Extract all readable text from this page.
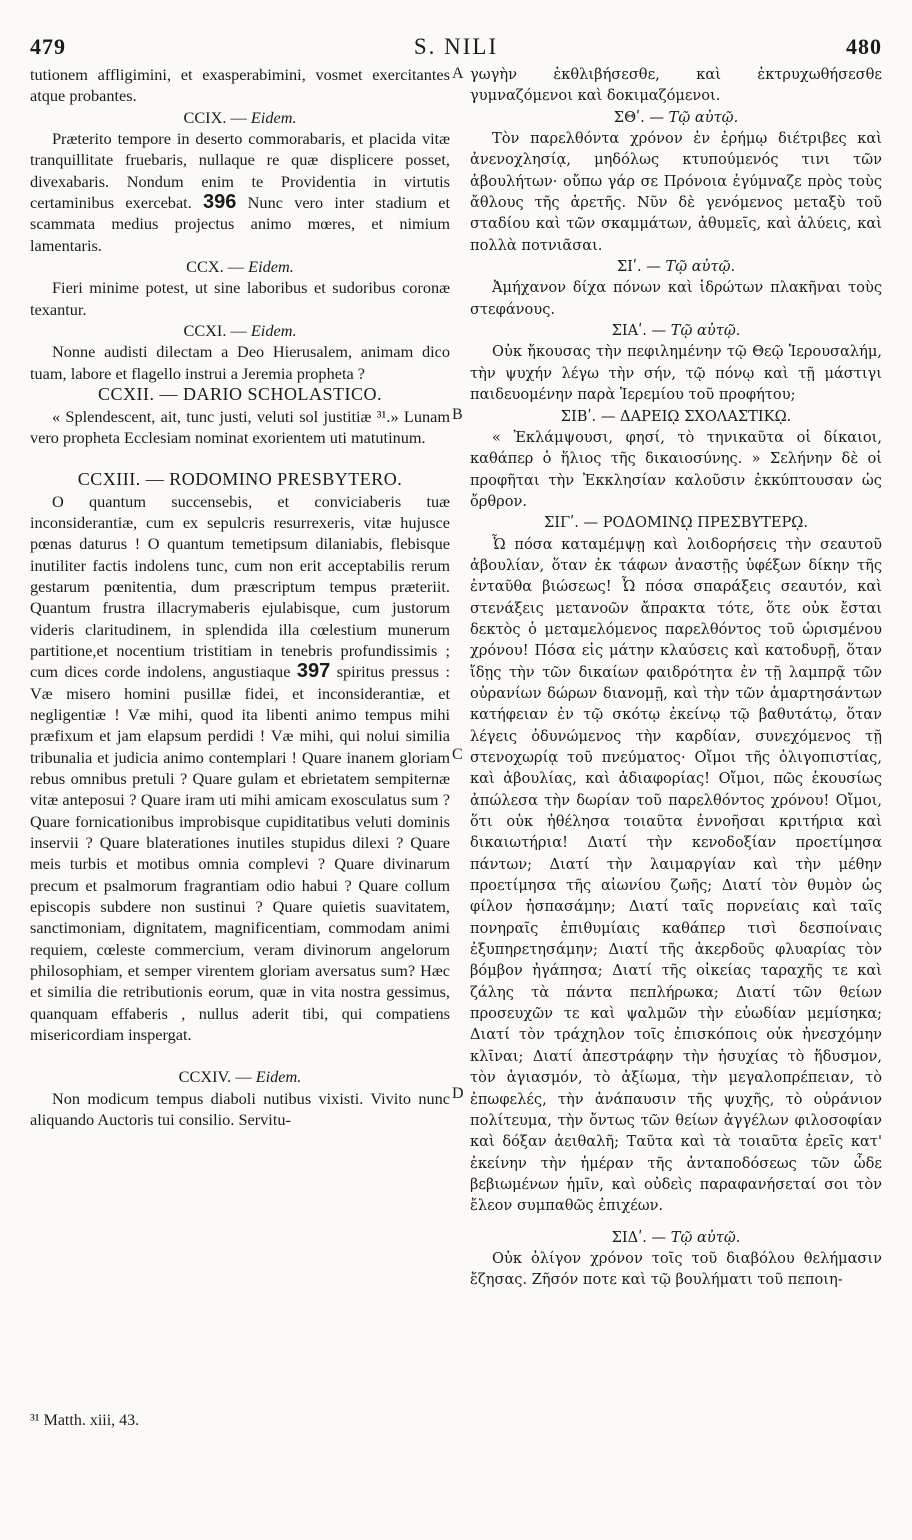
479	S. NILI	480
A
B
C
D

tutionem affligimini, et exasperabimini, vosmet exercitantes atque probantes.

CCIX. — Eidem.

Præterito tempore in deserto commorabaris, et placida vitæ tranquillitate fruebaris, nullaque re quæ displicere posset, divexabaris. Nondum enim te Providentia in virtutis certaminibus exercebat. 396 Nunc vero inter stadium et scammata medius projectus animo mœres, et nimium lamentaris.

CCX. — Eidem.

Fieri minime potest, ut sine laboribus et sudoribus coronæ texantur.

CCXI. — Eidem.

Nonne audisti dilectam a Deo Hierusalem, animam dico tuam, labore et flagello instrui a Jeremia propheta ?

CCXII. — DARIO SCHOLASTICO.

« Splendescent, ait, tunc justi, veluti sol justitiæ ³¹.» Lunam vero propheta Ecclesiam nominat exorientem uti matutinum.

CCXIII. — RODOMINO PRESBYTERO.

O quantum succensebis, et conviciaberis tuæ inconsiderantiæ, cum ex sepulcris resurrexeris, vitæ hujusce pœnas daturus ! O quantum temetipsum dilaniabis, flebisque inutiliter factis indolens tunc, cum non erit acceptabilis rerum gestarum pœnitentia, dum præscriptum tempus præteriit. Quantum frustra illacrymaberis ejulabisque, cum justorum videris claritudinem, in splendida illa cœlestium munerum partitione,et nocentium tristitiam in tenebris profundissimis ; cum dices corde indolens, angustiaque 397 spiritus pressus : Væ misero homini pusillæ fidei, et inconsiderantiæ, et negligentiæ ! Væ mihi, quod ita libenti animo tempus mihi præfixum et jam elapsum perdidi ! Væ mihi, qui nolui similia tribunalia et judicia animo contemplari ! Quare inanem gloriam rebus omnibus pretuli ? Quare gulam et ebrietatem sempiternæ vitæ anteposui ? Quare iram uti mihi amicam exosculatus sum ? Quare fornicationibus improbisque cupiditatibus veluti dominis inservii ? Quare blaterationes inutiles stupidus dilexi ? Quare meis turbis et motibus omnia complevi ? Quare divinarum precum et psalmorum fragrantiam odio habui ? Quare collum episcopis subdere non sustinui ? Quare quietis suavitatem, sanctimoniam, dignitatem, magnificentiam, commodam animi requiem, cœleste commercium, veram divinorum angelorum philosophiam, et semper virentem gloriam aversatus sum? Hæc et similia die retributionis eorum, quæ in vita nostra gessimus, quanquam effaberis , nullus aderit tibi, qui compatiens misericordiam inspergat.

CCXIV. — Eidem.

Non modicum tempus diaboli nutibus vixisti. Vivito nunc aliquando Auctoris tui consilio. Servitu-

γωγὴν ἐκθλιβήσεσθε, καὶ ἐκτρυχωθήσεσθε γυμναζόμενοι καὶ δοκιμαζόμενοι.

ΣΘʹ. — Τῷ αὐτῷ.

Τὸν παρελθόντα χρόνον ἐν ἐρήμῳ διέτριβες καὶ ἀνενοχλησίᾳ, μηδόλως κτυπούμενός τινι τῶν ἀβουλήτων· οὔπω γάρ σε Πρόνοια ἐγύμναζε πρὸς τοὺς ἄθλους τῆς ἀρετῆς. Νῦν δὲ γενόμενος μεταξὺ τοῦ σταδίου καὶ τῶν σκαμμάτων, ἀθυμεῖς, καὶ ἀλύεις, καὶ πολλὰ ποτνιᾶσαι.

ΣΙʹ. — Τῷ αὐτῷ.

Ἀμήχανον δίχα πόνων καὶ ἱδρώτων πλακῆναι τοὺς στεφάνους.

ΣΙΑʹ. — Τῷ αὐτῷ.

Οὐκ ἤκουσας τὴν πεφιλημένην τῷ Θεῷ Ἱερουσαλήμ, τὴν ψυχήν λέγω τὴν σήν, τῷ πόνῳ καὶ τῇ μάστιγι παιδευομένην παρὰ Ἱερεμίου τοῦ προφήτου;

ΣΙΒʹ. — ΔΑΡΕΙῼ ΣΧΟΛΑΣΤΙΚῼ.

« Ἐκλάμψουσι, φησί, τὸ τηνικαῦτα οἱ δίκαιοι, καθάπερ ὁ ἥλιος τῆς δικαιοσύνης. » Σελήνην δὲ οἱ προφῆται τὴν Ἐκκλησίαν καλοῦσιν ἐκκύπτουσαν ὡς ὄρθρον.

ΣΙΓʹ. — ΡΟΔΟΜΙΝῼ ΠΡΕΣΒΥΤΕΡῼ.

Ὦ πόσα καταμέμψῃ καὶ λοιδορήσεις τὴν σεαυτοῦ ἀβουλίαν, ὅταν ἐκ τάφων ἀναστῇς ὑφέξων δίκην τῆς ἐνταῦθα βιώσεως! Ὦ πόσα σπαράξεις σεαυτόν, καὶ στενάξεις μετανοῶν ἄπρακτα τότε, ὅτε οὐκ ἔσται δεκτὸς ὁ μεταμελόμενος παρελθόντος τοῦ ὡρισμένου χρόνου! Πόσα εἰς μάτην κλαύσεις καὶ κατοδυρῇ, ὅταν ἴδῃς τὴν τῶν δικαίων φαιδρότητα ἐν τῇ λαμπρᾷ τῶν οὐρανίων δώρων διανομῇ, καὶ τὴν τῶν ἁμαρτησάντων κατήφειαν ἐν τῷ σκότῳ ἐκείνῳ τῷ βαθυτάτῳ, ὅταν λέγεις ὀδυνώμενος τὴν καρδίαν, συνεχόμενος τῇ στενοχωρίᾳ τοῦ πνεύματος· Οἴμοι τῆς ὀλιγοπιστίας, καὶ ἀβουλίας, καὶ ἀδιαφορίας! Οἴμοι, πῶς ἑκουσίως ἀπώλεσα τὴν δωρίαν τοῦ παρελθόντος χρόνου! Οἴμοι, ὅτι οὐκ ἠθέλησα τοιαῦτα ἐννοῆσαι κριτήρια καὶ δικαιωτήρια! Διατί τὴν κενοδοξίαν προετίμησα πάντων; Διατί τὴν λαιμαργίαν καὶ τὴν μέθην προετίμησα τῆς αἰωνίου ζωῆς; Διατί τὸν θυμὸν ὡς φίλον ἠσπασάμην; Διατί ταῖς πορνείαις καὶ ταῖς πονηραῖς ἐπιθυμίαις καθάπερ τισὶ δεσποίναις ἐξυπηρετησάμην; Διατί τῆς ἀκερδοῦς φλυαρίας τὸν βόμβον ἠγάπησα; Διατί τῆς οἰκείας ταραχῆς τε καὶ ζάλης τὰ πάντα πεπλήρωκα; Διατί τῶν θείων προσευχῶν τε καὶ ψαλμῶν τὴν εὐωδίαν μεμίσηκα; Διατί τὸν τράχηλον τοῖς ἐπισκόποις οὐκ ἠνεσχόμην κλῖναι; Διατί ἀπεστράφην τὴν ἡσυχίας τὸ ἥδυσμον, τὸν ἁγιασμόν, τὸ ἀξίωμα, τὴν μεγαλοπρέπειαν, τὸ ἐπωφελές, τὴν ἀνάπαυσιν τῆς ψυχῆς, τὸ οὐράνιον πολίτευμα, τὴν ὄντως τῶν θείων ἀγγέλων φιλοσοφίαν καὶ δόξαν ἀειθαλῆ; Ταῦτα καὶ τὰ τοιαῦτα ἐρεῖς κατ' ἐκείνην τὴν ἡμέραν τῆς ἀνταποδόσεως τῶν ὧδε βεβιωμένων ἡμῖν, καὶ οὐδεὶς παραφανήσεταί σοι τὸν ἔλεον συμπαθῶς ἐπιχέων.

ΣΙΔʹ. — Τῷ αὐτῷ.

Οὐκ ὀλίγον χρόνον τοῖς τοῦ διαβόλου θελήμασιν ἔζησας. Ζῆσόν ποτε καὶ τῷ βουλήματι τοῦ πεποιη-

³¹ Matth. xiii, 43.
